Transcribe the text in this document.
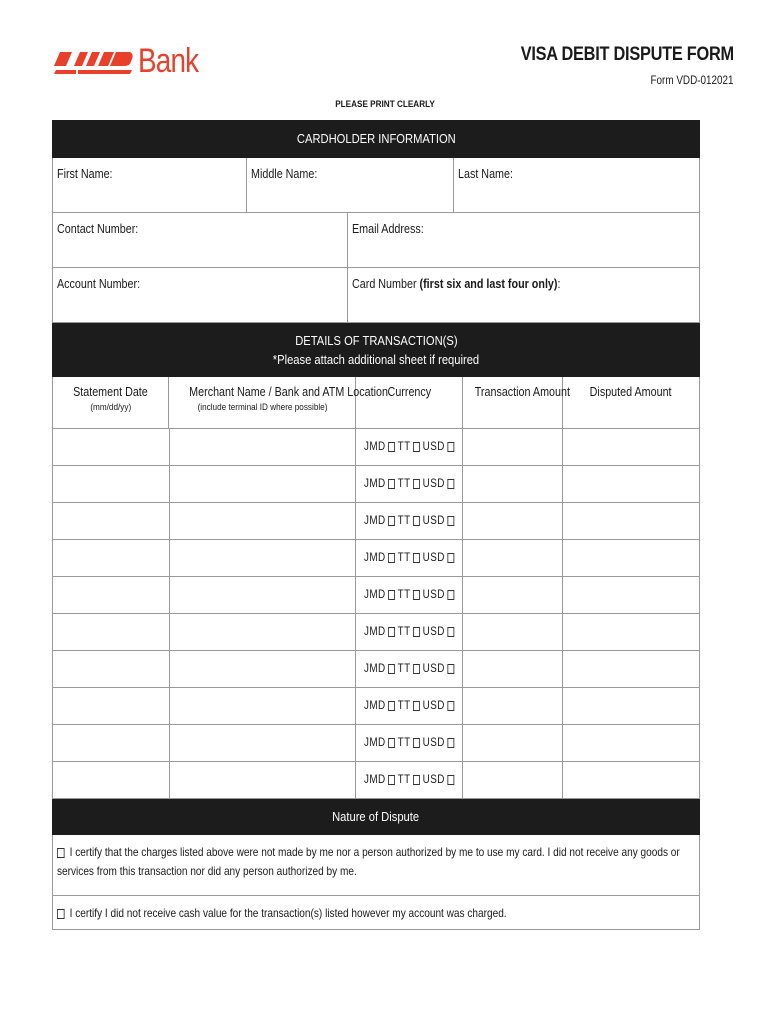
Bank	VISA DEBIT DISPUTE FORM
Form VDD-012021
PLEASE PRINT CLEARLY
CARDHOLDER INFORMATION
First Name:	Middle Name:	Last Name:
Contact Number:	Email Address:
Account Number:	Card Number (first six and last four only):
DETAILS OF TRANSACTION(S)
*Please attach additional sheet if required
Statement Date
(mm/dd/yy)
Merchant Name / Bank and ATM Location
(include terminal ID where possible)
Currency	Transaction Amount	Disputed Amount
JMD TT USD
JMD TT USD
JMD TT USD
JMD TT USD
JMD TT USD
JMD TT USD
JMD TT USD
JMD TT USD
JMD TT USD
JMD TT USD
Nature of Dispute
I certify that the charges listed above were not made by me nor a person authorized by me to use my card. I did not receive any goods or services from this transaction nor did any person authorized by me.
I certify I did not receive cash value for the transaction(s) listed however my account was charged.
